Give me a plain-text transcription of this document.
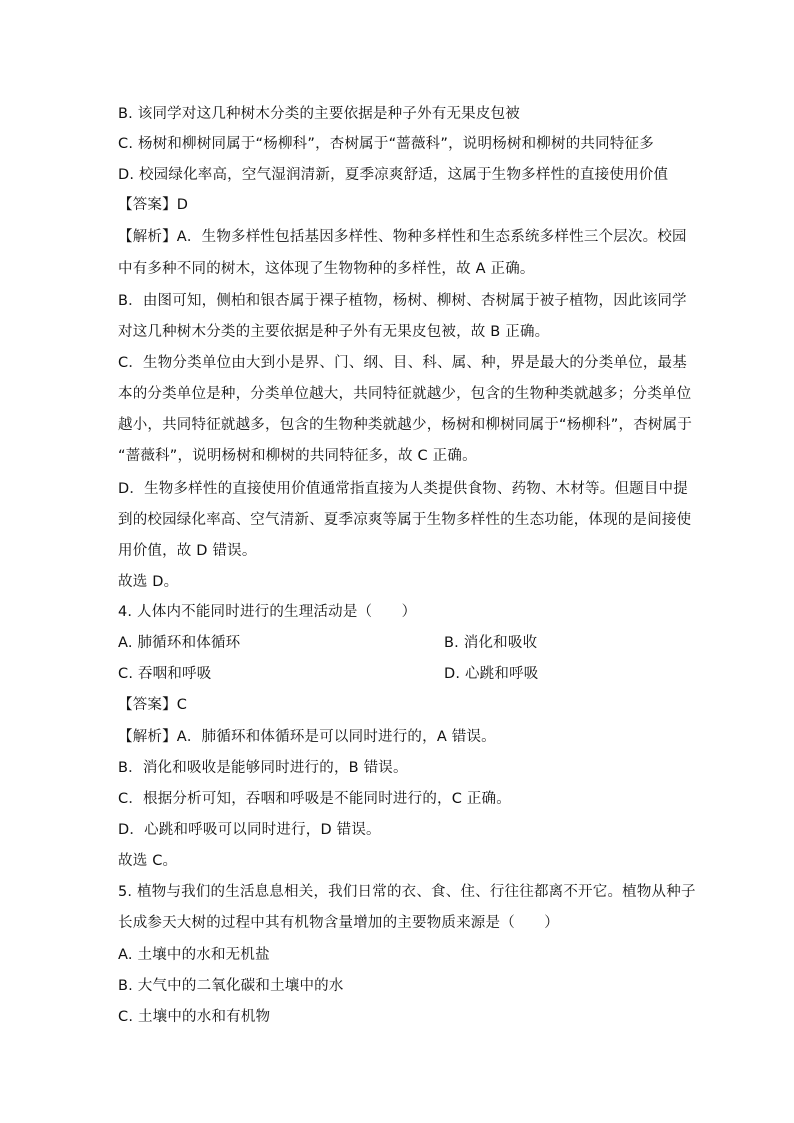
B. 该同学对这几种树木分类的主要依据是种子外有无果皮包被
C. 杨树和柳树同属于“杨柳科”，杏树属于“蔷薇科”，说明杨树和柳树的共同特征多
D. 校园绿化率高，空气湿润清新，夏季凉爽舒适，这属于生物多样性的直接使用价值
【答案】D
【解析】A．生物多样性包括基因多样性、物种多样性和生态系统多样性三个层次。校园
中有多种不同的树木，这体现了生物物种的多样性，故 A 正确。
B．由图可知，侧柏和银杏属于裸子植物，杨树、柳树、杏树属于被子植物，因此该同学
对这几种树木分类的主要依据是种子外有无果皮包被，故 B 正确。
C．生物分类单位由大到小是界、门、纲、目、科、属、种，界是最大的分类单位，最基
本的分类单位是种，分类单位越大，共同特征就越少，包含的生物种类就越多；分类单位
越小，共同特征就越多，包含的生物种类就越少，杨树和柳树同属于“杨柳科”，杏树属于
“蔷薇科”，说明杨树和柳树的共同特征多，故 C 正确。
D．生物多样性的直接使用价值通常指直接为人类提供食物、药物、木材等。但题目中提
到的校园绿化率高、空气清新、夏季凉爽等属于生物多样性的生态功能，体现的是间接使
用价值，故 D 错误。
故选 D。
4. 人体内不能同时进行的生理活动是（　　）
A. 肺循环和体循环	B. 消化和吸收
C. 吞咽和呼吸	D. 心跳和呼吸
【答案】C
【解析】A．肺循环和体循环是可以同时进行的，A 错误。
B．消化和吸收是能够同时进行的，B 错误。
C．根据分析可知，吞咽和呼吸是不能同时进行的，C 正确。
D．心跳和呼吸可以同时进行，D 错误。
故选 C。
5. 植物与我们的生活息息相关，我们日常的衣、食、住、行往往都离不开它。植物从种子
长成参天大树的过程中其有机物含量增加的主要物质来源是（　　）
A. 土壤中的水和无机盐
B. 大气中的二氧化碳和土壤中的水
C. 土壤中的水和有机物
